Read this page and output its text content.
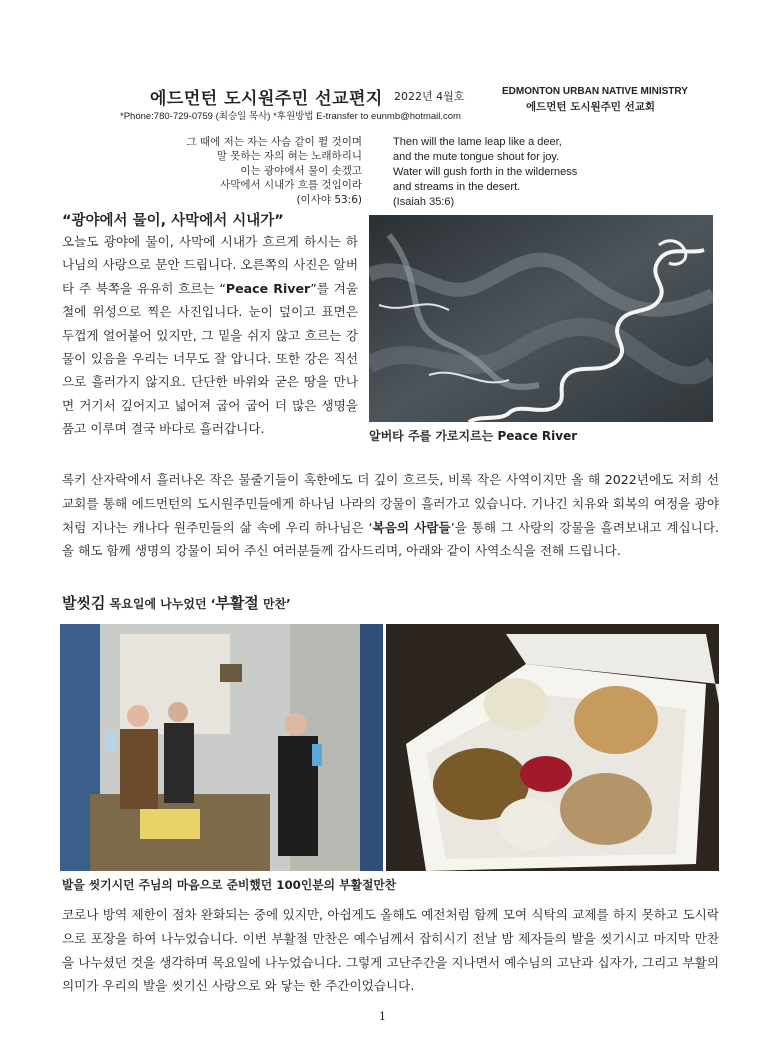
에드먼턴 도시원주민 선교편지 2022년 4월호	EDMONTON URBAN NATIVE MINISTRY
에드먼턴 도시원주민 선교회
*Phone:780-729-0759 (최승일 목사) *후원방법 E-transfer to eunmb@hotmail.com
그 때에 저는 자는 사슴 같이 뛸 것이며
말 못하는 자의 혀는 노래하리니
이는 광야에서 물이 솟겠고
사막에서 시내가 흐를 것임이라
(이사야 53:6)
Then will the lame leap like a deer,
and the mute tongue shout for joy.
Water will gush forth in the wilderness
and streams in the desert.
(Isaiah 35:6)
“광야에서 물이, 사막에서 시내가”
오늘도 광야에 물이, 사막에 시내가 흐르게 하시는 하나님의 사랑으로 문안 드립니다. 오른쪽의 사진은 알버타 주 북쪽을 유유히 흐르는 “Peace River”를 겨울철에 위성으로 찍은 사진입니다. 눈이 덮이고 표면은 두껍게 얼어붙어 있지만, 그 밑을 쉬지 않고 흐르는 강물이 있음을 우리는 너무도 잘 압니다. 또한 강은 직선으로 흘러가지 않지요. 단단한 바위와 굳은 땅을 만나면 거기서 깊어지고 넓어져 굽어 굽어 더 많은 생명을 품고 이루며 결국 바다로 흘러갑니다.	알버타 주를 가로지르는 Peace River
록키 산자락에서 흘러나온 작은 물줄기들이 혹한에도 더 깊이 흐르듯, 비록 작은 사역이지만 올 해 2022년에도 저희 선교회를 통해 에드먼턴의 도시원주민들에게 하나님 나라의 강물이 흘러가고 있습니다. 기나긴 치유와 회복의 여정을 광야처럼 지나는 캐나다 원주민들의 삶 속에 우리 하나님은 ‘복음의 사람들’을 통해 그 사랑의 강물을 흘려보내고 계십니다. 올 해도 함께 생명의 강물이 되어 주신 여러분들께 감사드리며, 아래와 같이 사역소식을 전해 드립니다.
발씻김 목요일에 나누었던 ‘부활절 만찬’
발을 씻기시던 주님의 마음으로 준비했던 100인분의 부활절만찬
코로나 방역 제한이 점차 완화되는 중에 있지만, 아쉽게도 올해도 예전처럼 함께 모여 식탁의 교제를 하지 못하고 도시락으로 포장을 하여 나누었습니다. 이번 부활절 만찬은 예수님께서 잡히시기 전날 밤 제자들의 발을 씻기시고 마지막 만찬을 나누셨던 것을 생각하며 목요일에 나누었습니다. 그렇게 고난주간을 지나면서 예수님의 고난과 십자가, 그리고 부활의 의미가 우리의 발을 씻기신 사랑으로 와 닿는 한 주간이었습니다.
1
